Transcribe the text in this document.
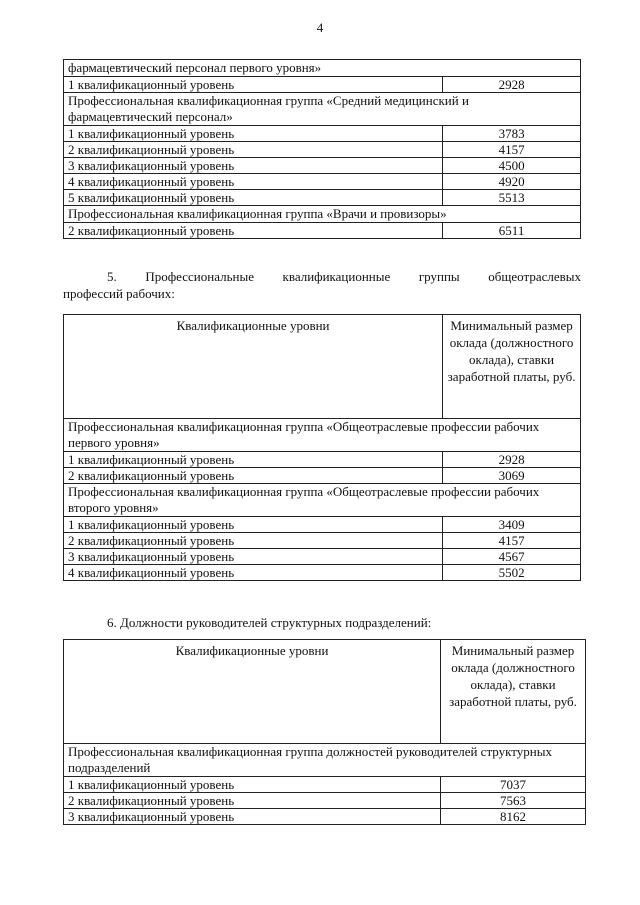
4
фармацевтический персонал первого уровня»	
1 квалификационный уровень	2928
Профессиональная квалификационная группа «Средний медицинский и фармацевтический персонал»	
1 квалификационный уровень	3783
2 квалификационный уровень	4157
3 квалификационный уровень	4500
4 квалификационный уровень	4920
5 квалификационный уровень	5513
Профессиональная квалификационная группа «Врачи и провизоры»	
2 квалификационный уровень	6511
5. Профессиональные квалификационные группы общеотраслевых
профессий рабочих:
Квалификационные уровни	Минимальный размер оклада (должностного оклада), ставки заработной платы, руб.
Профессиональная квалификационная группа «Общеотраслевые профессии рабочих первого уровня»	
1 квалификационный уровень	2928
2 квалификационный уровень	3069
Профессиональная квалификационная группа «Общеотраслевые профессии рабочих второго уровня»	
1 квалификационный уровень	3409
2 квалификационный уровень	4157
3 квалификационный уровень	4567
4 квалификационный уровень	5502
6. Должности руководителей структурных подразделений:
Квалификационные уровни	Минимальный размер оклада (должностного оклада), ставки заработной платы, руб.
Профессиональная квалификационная группа должностей руководителей структурных подразделений	
1 квалификационный уровень	7037
2 квалификационный уровень	7563
3 квалификационный уровень	8162
